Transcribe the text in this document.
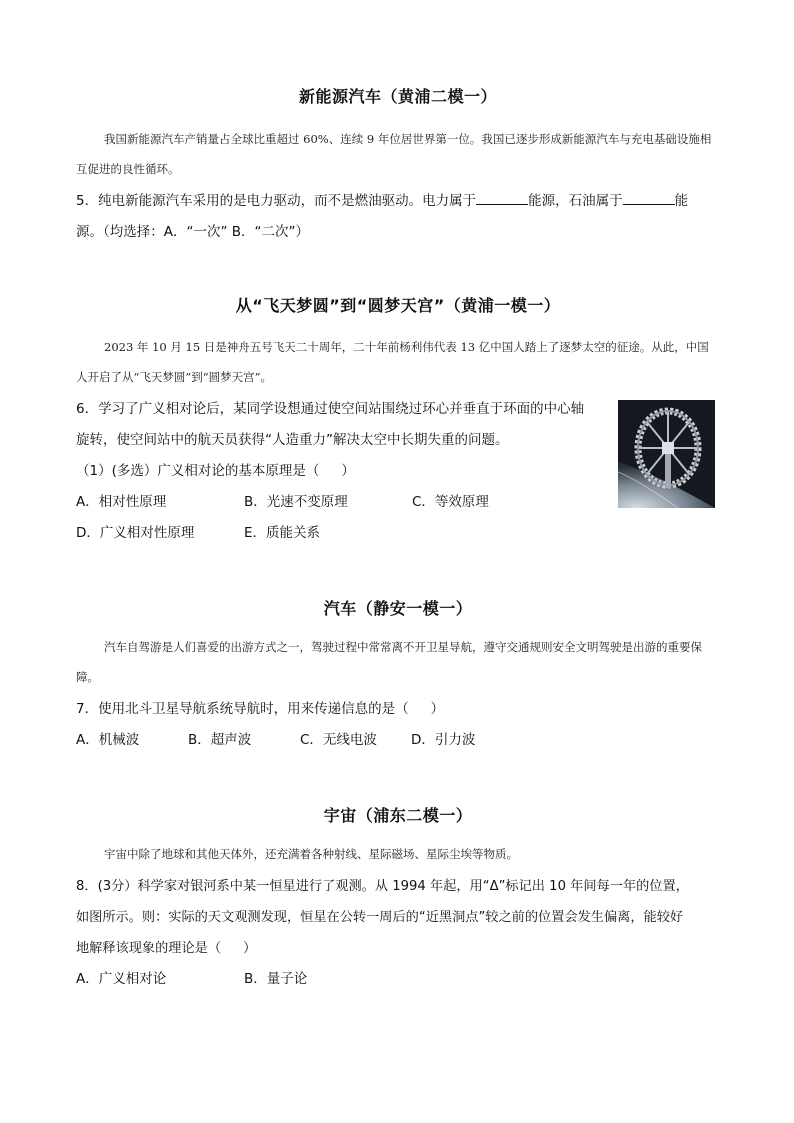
新能源汽车（黄浦二模一）
我国新能源汽车产销量占全球比重超过 60%、连续 9 年位居世界第一位。我国已逐步形成新能源汽车与充电基础设施相互促进的良性循环。
5．纯电新能源汽车采用的是电力驱动，而不是燃油驱动。电力属于	能源，石油属于	能
源。（均选择：A．“一次” B．“二次”）
从“飞天梦圆”到“圆梦天宫”（黄浦一模一）
2023 年 10 月 15 日是神舟五号飞天二十周年，二十年前杨利伟代表 13 亿中国人踏上了逐梦太空的征途。从此，中国人开启了从“飞天梦圆”到“圆梦天宫”。
6．学习了广义相对论后，某同学设想通过使空间站围绕过环心并垂直于环面的中心轴
旋转，使空间站中的航天员获得“人造重力”解决太空中长期失重的问题。
（1）(多选）广义相对论的基本原理是（ ）
A．相对性原理	B．光速不变原理	C．等效原理
D．广义相对性原理	E．质能关系
汽车（静安一模一）
汽车自驾游是人们喜爱的出游方式之一，驾驶过程中常常离不开卫星导航，遵守交通规则安全文明驾驶是出游的重要保障。
7．使用北斗卫星导航系统导航时，用来传递信息的是（ ）
A．机械波	B．超声波	C．无线电波	D．引力波
宇宙（浦东二模一）
宇宙中除了地球和其他天体外，还充满着各种射线、星际磁场、星际尘埃等物质。
8．(3分）科学家对银河系中某一恒星进行了观测。从 1994 年起，用“Δ”标记出 10 年间每一年的位置，
如图所示。则：实际的天文观测发现，恒星在公转一周后的“近黑洞点”较之前的位置会发生偏离，能较好
地解释该现象的理论是（ ）
A．广义相对论	B．量子论
